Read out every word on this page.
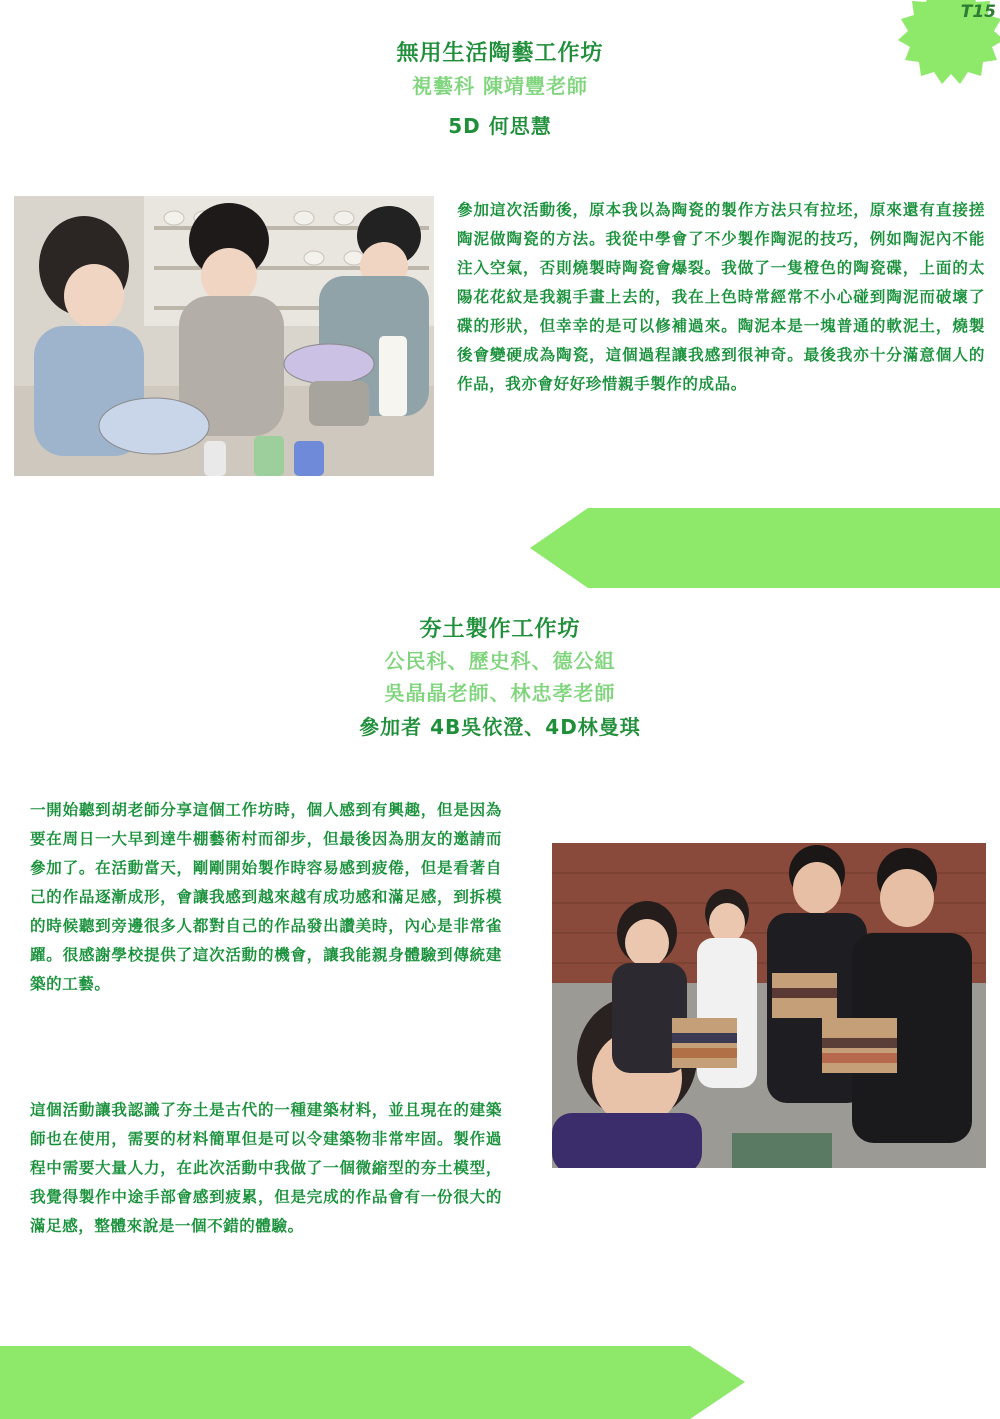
T15
無用生活陶藝工作坊
視藝科 陳靖豐老師
5D 何思慧
參加這次活動後，原本我以為陶瓷的製作方法只有拉坯，原來還有直接搓陶泥做陶瓷的方法。我從中學會了不少製作陶泥的技巧，例如陶泥內不能注入空氣，否則燒製時陶瓷會爆裂。我做了一隻橙色的陶瓷碟，上面的太陽花花紋是我親手畫上去的，我在上色時常經常不小心碰到陶泥而破壞了碟的形狀，但幸幸的是可以修補過來。陶泥本是一塊普通的軟泥土，燒製後會變硬成為陶瓷，這個過程讓我感到很神奇。最後我亦十分滿意個人的作品，我亦會好好珍惜親手製作的成品。
夯土製作工作坊
公民科、歷史科、德公組
吳晶晶老師、林忠孝老師
參加者 4B吳依澄、4D林曼琪
一開始聽到胡老師分享這個工作坊時，個人感到有興趣，但是因為要在周日一大早到達牛棚藝術村而卻步，但最後因為朋友的邀請而參加了。在活動當天，剛剛開始製作時容易感到疲倦，但是看著自己的作品逐漸成形，會讓我感到越來越有成功感和滿足感，到拆模的時候聽到旁邊很多人都對自己的作品發出讚美時，內心是非常雀躍。很感謝學校提供了這次活動的機會，讓我能親身體驗到傳統建築的工藝。
這個活動讓我認識了夯土是古代的一種建築材料，並且現在的建築師也在使用，需要的材料簡單但是可以令建築物非常牢固。製作過程中需要大量人力，在此次活動中我做了一個微縮型的夯土模型，我覺得製作中途手部會感到疲累，但是完成的作品會有一份很大的滿足感，整體來說是一個不錯的體驗。
